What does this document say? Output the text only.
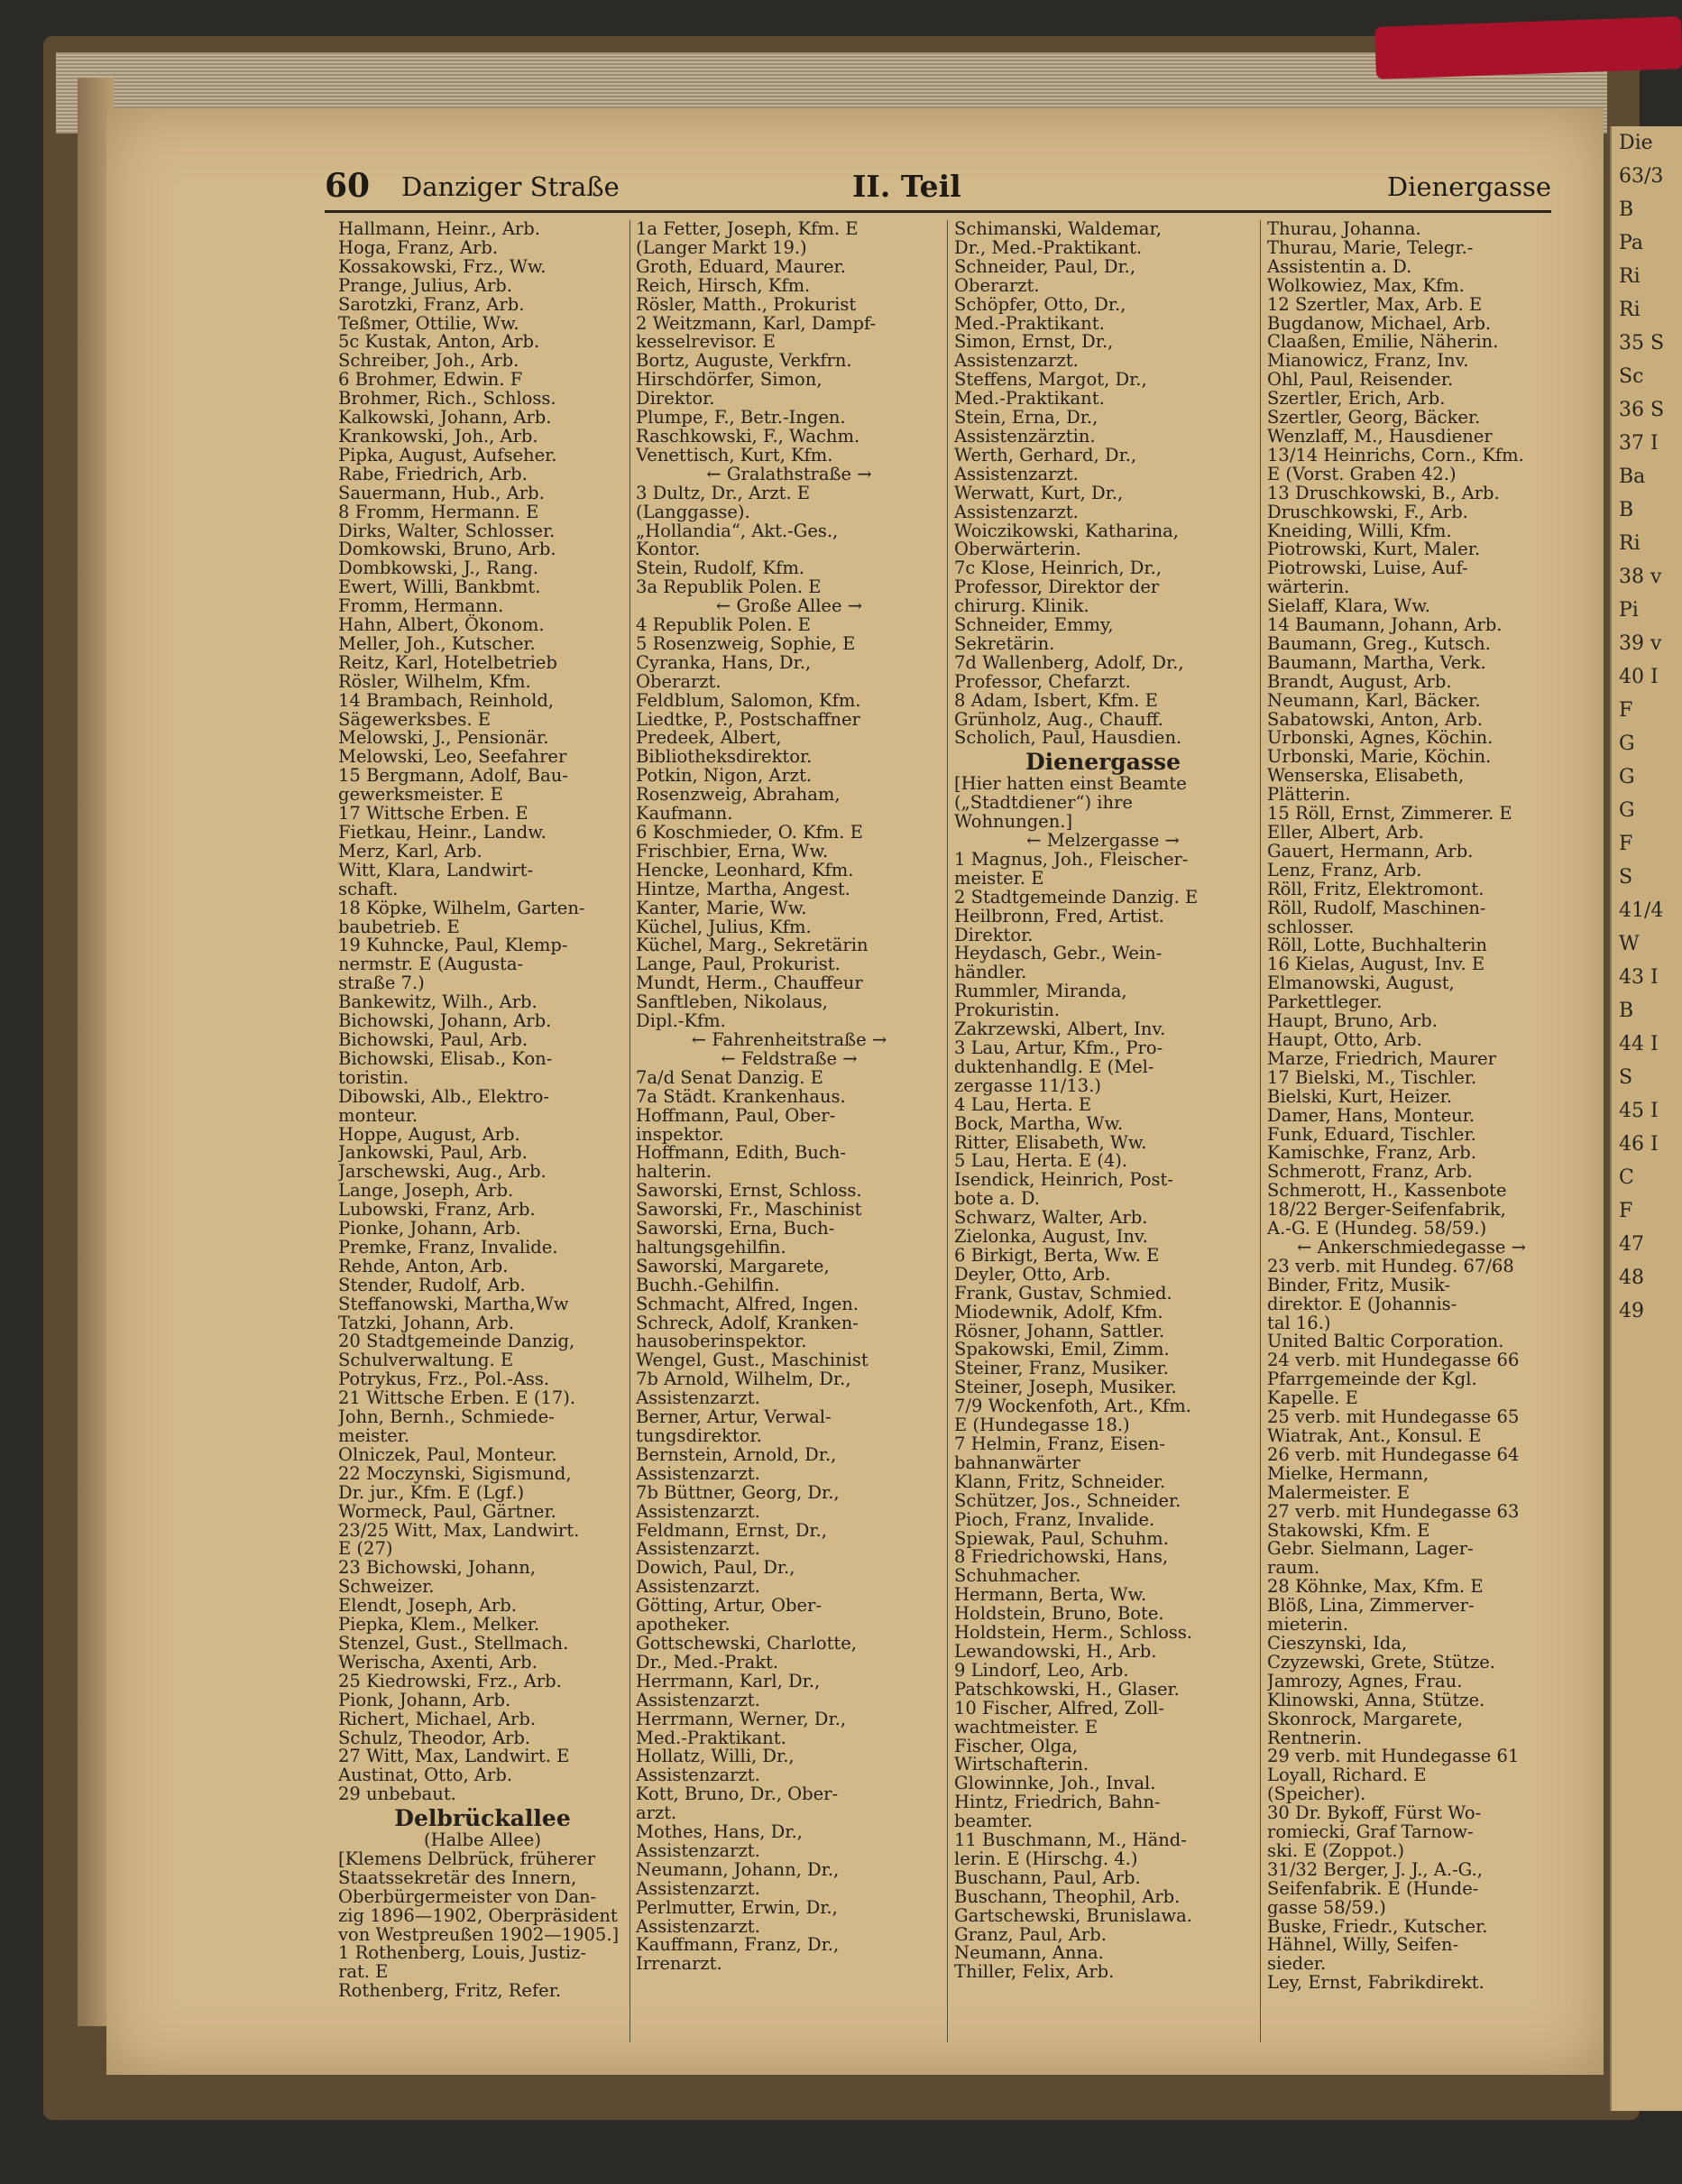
Die
63/3
B
Pa
Ri
Ri
35 S
Sc
36 S
37 I
Ba
B
Ri
38 v
Pi
39 v
40 I
F
G
G
G
F
S
41/4
W
43 I
B
44 I
S
45 I
46 I
C
F
47
48
49
60 Danziger Straße	II. Teil	Dienergasse
Hallmann, Heinr., Arb.
Hoga, Franz, Arb.
Kossakowski, Frz., Ww.
Prange, Julius, Arb.
Sarotzki, Franz, Arb.
Teßmer, Ottilie, Ww.
5c Kustak, Anton, Arb.
Schreiber, Joh., Arb.
6 Brohmer, Edwin. F
Brohmer, Rich., Schloss.
Kalkowski, Johann, Arb.
Krankowski, Joh., Arb.
Pipka, August, Aufseher.
Rabe, Friedrich, Arb.
Sauermann, Hub., Arb.
8 Fromm, Hermann. E
Dirks, Walter, Schlosser.
Domkowski, Bruno, Arb.
Dombkowski, J., Rang.
Ewert, Willi, Bankbmt.
Fromm, Hermann.
Hahn, Albert, Ökonom.
Meller, Joh., Kutscher.
Reitz, Karl, Hotelbetrieb
Rösler, Wilhelm, Kfm.
14 Brambach, Reinhold,
Sägewerksbes. E
Melowski, J., Pensionär.
Melowski, Leo, Seefahrer
15 Bergmann, Adolf, Bau-
gewerksmeister. E
17 Wittsche Erben. E
Fietkau, Heinr., Landw.
Merz, Karl, Arb.
Witt, Klara, Landwirt-
schaft.
18 Köpke, Wilhelm, Garten-
baubetrieb. E
19 Kuhncke, Paul, Klemp-
nermstr. E (Augusta-
straße 7.)
Bankewitz, Wilh., Arb.
Bichowski, Johann, Arb.
Bichowski, Paul, Arb.
Bichowski, Elisab., Kon-
toristin.
Dibowski, Alb., Elektro-
monteur.
Hoppe, August, Arb.
Jankowski, Paul, Arb.
Jarschewski, Aug., Arb.
Lange, Joseph, Arb.
Lubowski, Franz, Arb.
Pionke, Johann, Arb.
Premke, Franz, Invalide.
Rehde, Anton, Arb.
Stender, Rudolf, Arb.
Steffanowski, Martha,Ww
Tatzki, Johann, Arb.
20 Stadtgemeinde Danzig,
Schulverwaltung. E
Potrykus, Frz., Pol.-Ass.
21 Wittsche Erben. E (17).
John, Bernh., Schmiede-
meister.
Olniczek, Paul, Monteur.
22 Moczynski, Sigismund,
Dr. jur., Kfm. E (Lgf.)
Wormeck, Paul, Gärtner.
23/25 Witt, Max, Landwirt.
E (27)
23 Bichowski, Johann,
Schweizer.
Elendt, Joseph, Arb.
Piepka, Klem., Melker.
Stenzel, Gust., Stellmach.
Werischa, Axenti, Arb.
25 Kiedrowski, Frz., Arb.
Pionk, Johann, Arb.
Richert, Michael, Arb.
Schulz, Theodor, Arb.
27 Witt, Max, Landwirt. E
Austinat, Otto, Arb.
29 unbebaut.
Delbrückallee
(Halbe Allee)
[Klemens Delbrück, früherer
Staatssekretär des Innern,
Oberbürgermeister von Dan-
zig 1896—1902, Oberpräsident
von Westpreußen 1902—1905.]
1 Rothenberg, Louis, Justiz-
rat. E
Rothenberg, Fritz, Refer.
1a Fetter, Joseph, Kfm. E
(Langer Markt 19.)
Groth, Eduard, Maurer.
Reich, Hirsch, Kfm.
Rösler, Matth., Prokurist
2 Weitzmann, Karl, Dampf-
kesselrevisor. E
Bortz, Auguste, Verkfrn.
Hirschdörfer, Simon,
Direktor.
Plumpe, F., Betr.-Ingen.
Raschkowski, F., Wachm.
Venettisch, Kurt, Kfm.
← Gralathstraße →
3 Dultz, Dr., Arzt. E
(Langgasse).
„Hollandia“, Akt.-Ges.,
Kontor.
Stein, Rudolf, Kfm.
3a Republik Polen. E
← Große Allee →
4 Republik Polen. E
5 Rosenzweig, Sophie, E
Cyranka, Hans, Dr.,
Oberarzt.
Feldblum, Salomon, Kfm.
Liedtke, P., Postschaffner
Predeek, Albert,
Bibliotheksdirektor.
Potkin, Nigon, Arzt.
Rosenzweig, Abraham,
Kaufmann.
6 Koschmieder, O. Kfm. E
Frischbier, Erna, Ww.
Hencke, Leonhard, Kfm.
Hintze, Martha, Angest.
Kanter, Marie, Ww.
Küchel, Julius, Kfm.
Küchel, Marg., Sekretärin
Lange, Paul, Prokurist.
Mundt, Herm., Chauffeur
Sanftleben, Nikolaus,
Dipl.-Kfm.
← Fahrenheitstraße →
← Feldstraße →
7a/d Senat Danzig. E
7a Städt. Krankenhaus.
Hoffmann, Paul, Ober-
inspektor.
Hoffmann, Edith, Buch-
halterin.
Saworski, Ernst, Schloss.
Saworski, Fr., Maschinist
Saworski, Erna, Buch-
haltungsgehilfin.
Saworski, Margarete,
Buchh.-Gehilfin.
Schmacht, Alfred, Ingen.
Schreck, Adolf, Kranken-
hausoberinspektor.
Wengel, Gust., Maschinist
7b Arnold, Wilhelm, Dr.,
Assistenzarzt.
Berner, Artur, Verwal-
tungsdirektor.
Bernstein, Arnold, Dr.,
Assistenzarzt.
7b Büttner, Georg, Dr.,
Assistenzarzt.
Feldmann, Ernst, Dr.,
Assistenzarzt.
Dowich, Paul, Dr.,
Assistenzarzt.
Götting, Artur, Ober-
apotheker.
Gottschewski, Charlotte,
Dr., Med.-Prakt.
Herrmann, Karl, Dr.,
Assistenzarzt.
Herrmann, Werner, Dr.,
Med.-Praktikant.
Hollatz, Willi, Dr.,
Assistenzarzt.
Kott, Bruno, Dr., Ober-
arzt.
Mothes, Hans, Dr.,
Assistenzarzt.
Neumann, Johann, Dr.,
Assistenzarzt.
Perlmutter, Erwin, Dr.,
Assistenzarzt.
Kauffmann, Franz, Dr.,
Irrenarzt.
Schimanski, Waldemar,
Dr., Med.-Praktikant.
Schneider, Paul, Dr.,
Oberarzt.
Schöpfer, Otto, Dr.,
Med.-Praktikant.
Simon, Ernst, Dr.,
Assistenzarzt.
Steffens, Margot, Dr.,
Med.-Praktikant.
Stein, Erna, Dr.,
Assistenzärztin.
Werth, Gerhard, Dr.,
Assistenzarzt.
Werwatt, Kurt, Dr.,
Assistenzarzt.
Woiczikowski, Katharina,
Oberwärterin.
7c Klose, Heinrich, Dr.,
Professor, Direktor der
chirurg. Klinik.
Schneider, Emmy,
Sekretärin.
7d Wallenberg, Adolf, Dr.,
Professor, Chefarzt.
8 Adam, Isbert, Kfm. E
Grünholz, Aug., Chauff.
Scholich, Paul, Hausdien.
Dienergasse
[Hier hatten einst Beamte
(„Stadtdiener“) ihre
Wohnungen.]
← Melzergasse →
1 Magnus, Joh., Fleischer-
meister. E
2 Stadtgemeinde Danzig. E
Heilbronn, Fred, Artist.
Direktor.
Heydasch, Gebr., Wein-
händler.
Rummler, Miranda,
Prokuristin.
Zakrzewski, Albert, Inv.
3 Lau, Artur, Kfm., Pro-
duktenhandlg. E (Mel-
zergasse 11/13.)
4 Lau, Herta. E
Bock, Martha, Ww.
Ritter, Elisabeth, Ww.
5 Lau, Herta. E (4).
Isendick, Heinrich, Post-
bote a. D.
Schwarz, Walter, Arb.
Zielonka, August, Inv.
6 Birkigt, Berta, Ww. E
Deyler, Otto, Arb.
Frank, Gustav, Schmied.
Miodewnik, Adolf, Kfm.
Rösner, Johann, Sattler.
Spakowski, Emil, Zimm.
Steiner, Franz, Musiker.
Steiner, Joseph, Musiker.
7/9 Wockenfoth, Art., Kfm.
E (Hundegasse 18.)
7 Helmin, Franz, Eisen-
bahnanwärter
Klann, Fritz, Schneider.
Schützer, Jos., Schneider.
Pioch, Franz, Invalide.
Spiewak, Paul, Schuhm.
8 Friedrichowski, Hans,
Schuhmacher.
Hermann, Berta, Ww.
Holdstein, Bruno, Bote.
Holdstein, Herm., Schloss.
Lewandowski, H., Arb.
9 Lindorf, Leo, Arb.
Patschkowski, H., Glaser.
10 Fischer, Alfred, Zoll-
wachtmeister. E
Fischer, Olga,
Wirtschafterin.
Glowinnke, Joh., Inval.
Hintz, Friedrich, Bahn-
beamter.
11 Buschmann, M., Händ-
lerin. E (Hirschg. 4.)
Buschann, Paul, Arb.
Buschann, Theophil, Arb.
Gartschewski, Brunislawa.
Granz, Paul, Arb.
Neumann, Anna.
Thiller, Felix, Arb.
Thurau, Johanna.
Thurau, Marie, Telegr.-
Assistentin a. D.
Wolkowiez, Max, Kfm.
12 Szertler, Max, Arb. E
Bugdanow, Michael, Arb.
Claaßen, Emilie, Näherin.
Mianowicz, Franz, Inv.
Ohl, Paul, Reisender.
Szertler, Erich, Arb.
Szertler, Georg, Bäcker.
Wenzlaff, M., Hausdiener
13/14 Heinrichs, Corn., Kfm.
E (Vorst. Graben 42.)
13 Druschkowski, B., Arb.
Druschkowski, F., Arb.
Kneiding, Willi, Kfm.
Piotrowski, Kurt, Maler.
Piotrowski, Luise, Auf-
wärterin.
Sielaff, Klara, Ww.
14 Baumann, Johann, Arb.
Baumann, Greg., Kutsch.
Baumann, Martha, Verk.
Brandt, August, Arb.
Neumann, Karl, Bäcker.
Sabatowski, Anton, Arb.
Urbonski, Agnes, Köchin.
Urbonski, Marie, Köchin.
Wenserska, Elisabeth,
Plätterin.
15 Röll, Ernst, Zimmerer. E
Eller, Albert, Arb.
Gauert, Hermann, Arb.
Lenz, Franz, Arb.
Röll, Fritz, Elektromont.
Röll, Rudolf, Maschinen-
schlosser.
Röll, Lotte, Buchhalterin
16 Kielas, August, Inv. E
Elmanowski, August,
Parkettleger.
Haupt, Bruno, Arb.
Haupt, Otto, Arb.
Marze, Friedrich, Maurer
17 Bielski, M., Tischler.
Bielski, Kurt, Heizer.
Damer, Hans, Monteur.
Funk, Eduard, Tischler.
Kamischke, Franz, Arb.
Schmerott, Franz, Arb.
Schmerott, H., Kassenbote
18/22 Berger-Seifenfabrik,
A.-G. E (Hundeg. 58/59.)
← Ankerschmiedegasse →
23 verb. mit Hundeg. 67/68
Binder, Fritz, Musik-
direktor. E (Johannis-
tal 16.)
United Baltic Corporation.
24 verb. mit Hundegasse 66
Pfarrgemeinde der Kgl.
Kapelle. E
25 verb. mit Hundegasse 65
Wiatrak, Ant., Konsul. E
26 verb. mit Hundegasse 64
Mielke, Hermann,
Malermeister. E
27 verb. mit Hundegasse 63
Stakowski, Kfm. E
Gebr. Sielmann, Lager-
raum.
28 Köhnke, Max, Kfm. E
Blöß, Lina, Zimmerver-
mieterin.
Cieszynski, Ida,
Czyzewski, Grete, Stütze.
Jamrozy, Agnes, Frau.
Klinowski, Anna, Stütze.
Skonrock, Margarete,
Rentnerin.
29 verb. mit Hundegasse 61
Loyall, Richard. E
(Speicher).
30 Dr. Bykoff, Fürst Wo-
romiecki, Graf Tarnow-
ski. E (Zoppot.)
31/32 Berger, J. J., A.-G.,
Seifenfabrik. E (Hunde-
gasse 58/59.)
Buske, Friedr., Kutscher.
Hähnel, Willy, Seifen-
sieder.
Ley, Ernst, Fabrikdirekt.
